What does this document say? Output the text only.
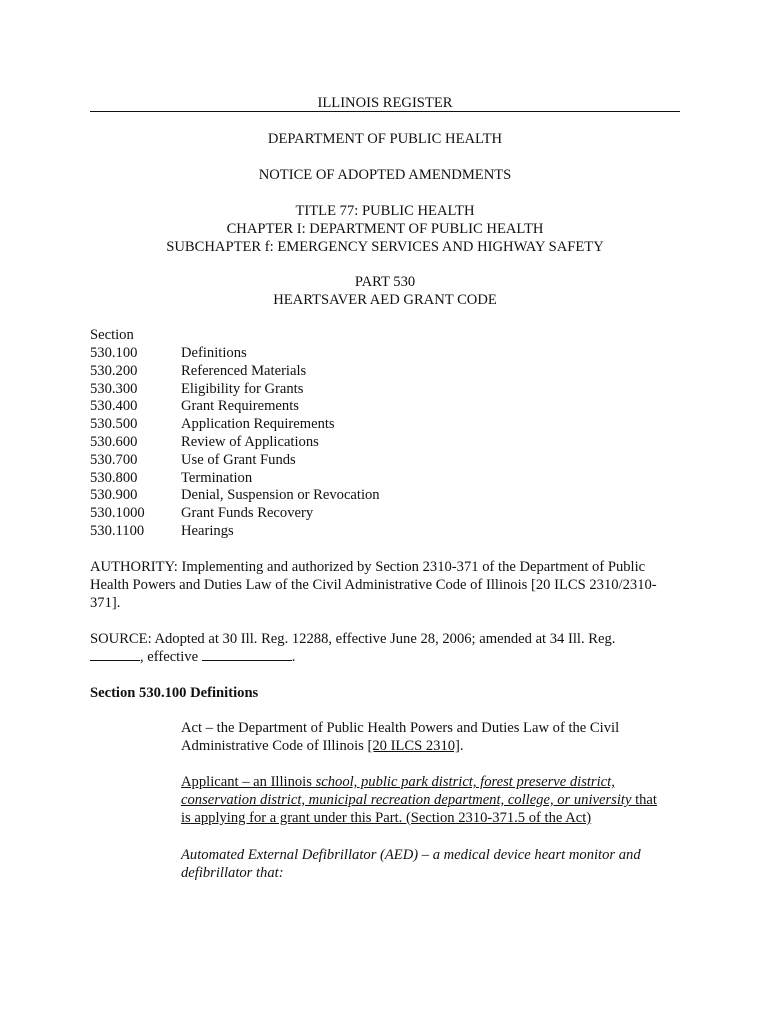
ILLINOIS REGISTER
DEPARTMENT OF PUBLIC HEALTH
NOTICE OF ADOPTED AMENDMENTS
TITLE 77: PUBLIC HEALTH
CHAPTER I: DEPARTMENT OF PUBLIC HEALTH
SUBCHAPTER f: EMERGENCY SERVICES AND HIGHWAY SAFETY
PART 530
HEARTSAVER AED GRANT CODE
Section
530.100	Definitions
530.200	Referenced Materials
530.300	Eligibility for Grants
530.400	Grant Requirements
530.500	Application Requirements
530.600	Review of Applications
530.700	Use of Grant Funds
530.800	Termination
530.900	Denial, Suspension or Revocation
530.1000	Grant Funds Recovery
530.1100	Hearings
AUTHORITY: Implementing and authorized by Section 2310-371 of the Department of Public
Health Powers and Duties Law of the Civil Administrative Code of Illinois [20 ILCS 2310/2310-
371].
SOURCE: Adopted at 30 Ill. Reg. 12288, effective June 28, 2006; amended at 34 Ill. Reg.
, effective	.
Section 530.100 Definitions
Act – the Department of Public Health Powers and Duties Law of the Civil
Administrative Code of Illinois [20 ILCS 2310].
Applicant – an Illinois school, public park district, forest preserve district,
conservation district, municipal recreation department, college, or university that
is applying for a grant under this Part. (Section 2310-371.5 of the Act)
Automated External Defibrillator (AED) – a medical device heart monitor and
defibrillator that:
